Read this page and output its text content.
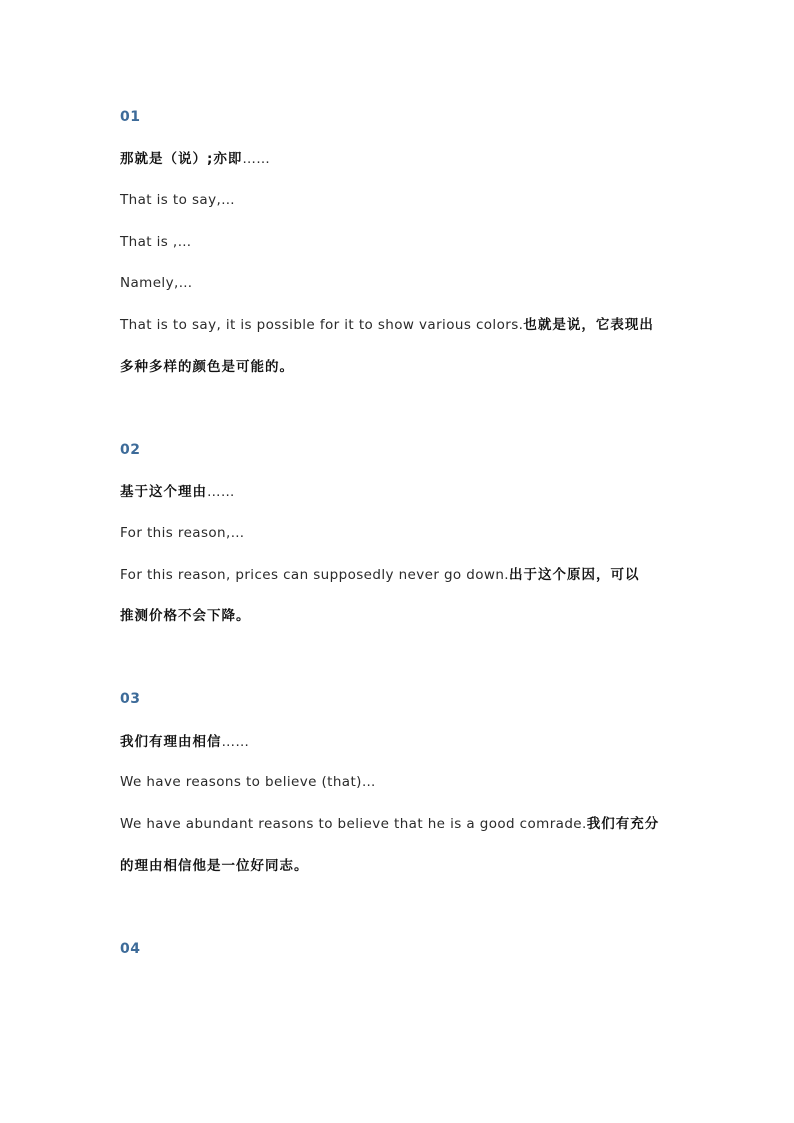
01
那就是（说）;亦即……
That is to say,…
That is ,…
Namely,…
That is to say, it is possible for it to show various colors.也就是说，它表现出
多种多样的颜色是可能的。
02
基于这个理由……
For this reason,…
For this reason, prices can supposedly never go down.出于这个原因，可以
推测价格不会下降。
03
我们有理由相信……
We have reasons to believe (that)…
We have abundant reasons to believe that he is a good comrade.我们有充分
的理由相信他是一位好同志。
04
